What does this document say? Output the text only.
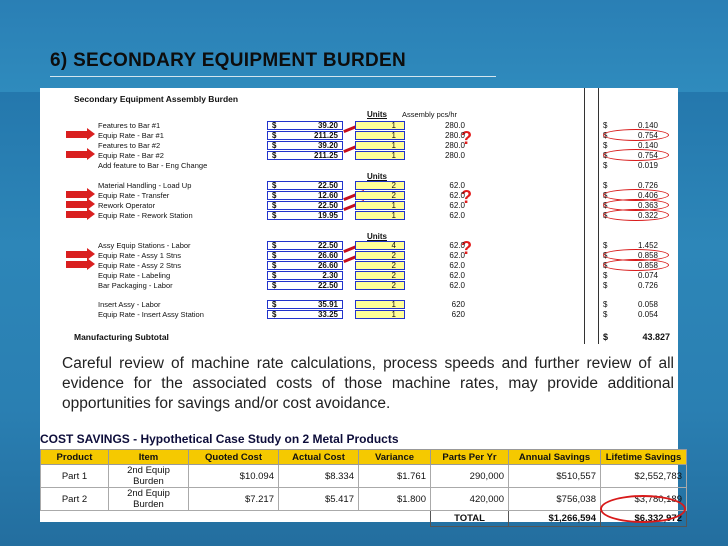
6) SECONDARY EQUIPMENT BURDEN
Secondary Equipment Assembly Burden
Units Assembly pcs/hr
Units
Units
?
?
?
Manufacturing Subtotal	$	43.827
Features to Bar #1	$	39.20	1	280.0	$	0.140
Equip Rate - Bar #1	$	211.25	1	280.0	$	0.754
Features to Bar #2	$	39.20	1	280.0	$	0.140
Equip Rate - Bar #2	$	211.25	1	280.0	$	0.754
Add feature to Bar - Eng Change	$	0.019
Material Handling - Load Up	$	22.50	2	62.0	$	0.726
Equip Rate - Transfer	$	12.60	2	62.0	$	0.406
Rework Operator	$	22.50	1	62.0	$	0.363
Equip Rate - Rework Station	$	19.95	1	62.0	$	0.322
Assy Equip Stations - Labor	$	22.50	4	62.0	$	1.452
Equip Rate - Assy 1 Stns	$	26.60	2	62.0	$	0.858
Equip Rate - Assy 2 Stns	$	26.60	2	62.0	$	0.858
Equip Rate - Labeling	$	2.30	2	62.0	$	0.074
Bar Packaging - Labor	$	22.50	2	62.0	$	0.726
Insert Assy - Labor	$	35.91	1	620	$	0.058
Equip Rate - Insert Assy Station	$	33.25	1	620	$	0.054
Careful review of machine rate calculations, process speeds and further review of all evidence for the associated costs of those machine rates, may provide additional opportunities for savings and/or cost avoidance.
COST SAVINGS - Hypothetical Case Study on 2 Metal Products
Product	Item	Quoted Cost	Actual Cost	Variance	Parts Per Yr	Annual Savings	Lifetime Savings
Part 1	2nd Equip Burden	$10.094	$8.334	$1.761	290,000	$510,557	$2,552,783
Part 2	2nd Equip Burden	$7.217	$5.417	$1.800	420,000	$756,038	$3,780,189
					TOTAL	$1,266,594	$6,332,972
